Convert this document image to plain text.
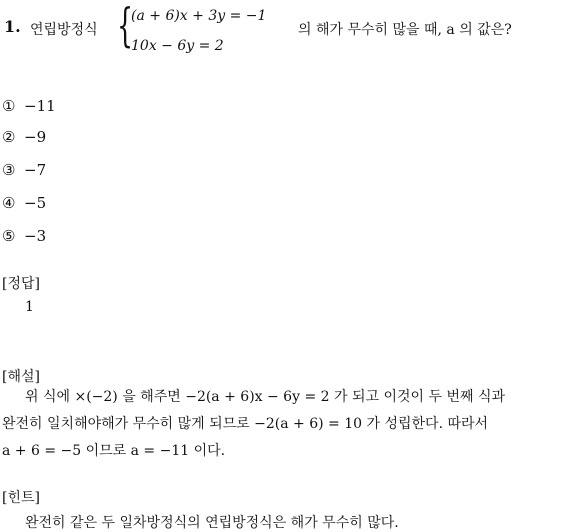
1. 연립방정식 {
(a + 6)x + 3y = −1
10x − 6y = 2
의 해가 무수히 많을 때, a 의 값은?
① −11
② −9
③ −7
④ −5
⑤ −3
[정답]
1
[해설]
위 식에 ×(−2) 을 해주면 −2(a + 6)x − 6y = 2 가 되고 이것이 두 번째 식과
완전히 일치해야해가 무수히 많게 되므로 −2(a + 6) = 10 가 성립한다. 따라서
a + 6 = −5 이므로 a = −11 이다.
[힌트]
완전히 같은 두 일차방정식의 연립방정식은 해가 무수히 많다.
